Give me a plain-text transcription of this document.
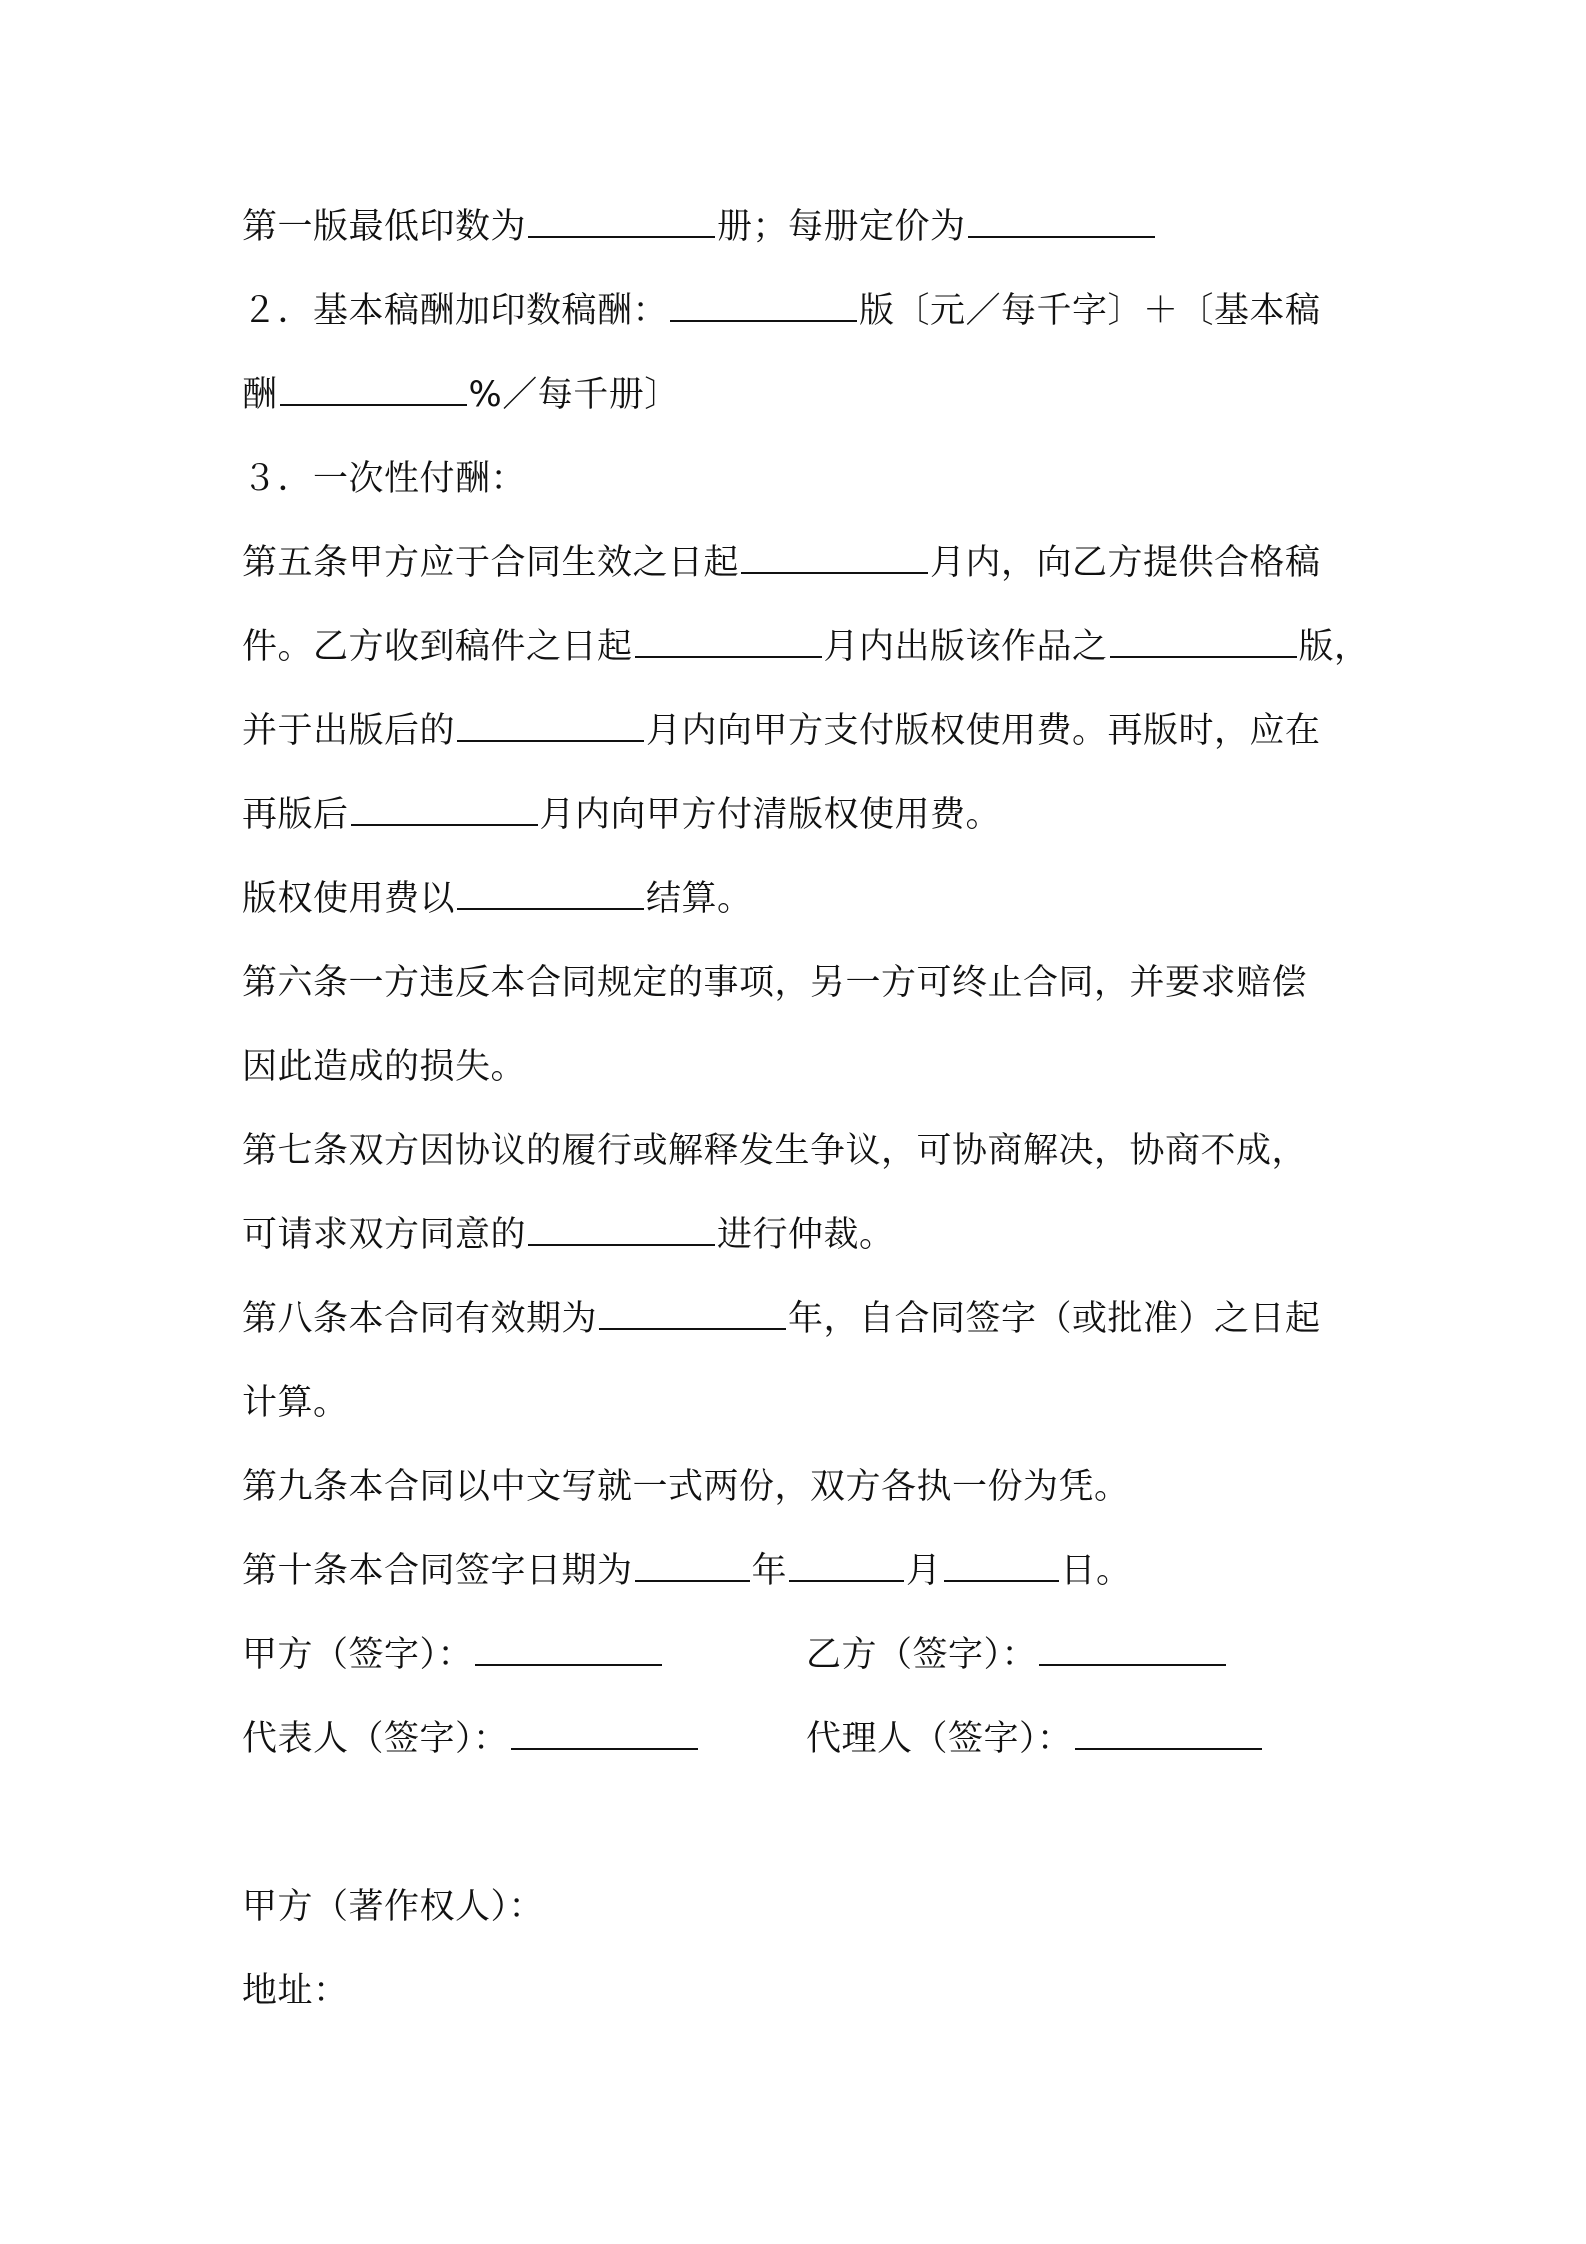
第一版最低印数为	册；每册定价为
２．基本稿酬加印数稿酬：	版〔元／每千字〕＋〔基本稿
酬	%／每千册〕
３．一次性付酬：
第五条甲方应于合同生效之日起	月内，向乙方提供合格稿
件。乙方收到稿件之日起	月内出版该作品之	版，
并于出版后的	月内向甲方支付版权使用费。再版时，应在
再版后	月内向甲方付清版权使用费。
版权使用费以	结算。
第六条一方违反本合同规定的事项，另一方可终止合同，并要求赔偿
因此造成的损失。
第七条双方因协议的履行或解释发生争议，可协商解决，协商不成，
可请求双方同意的	进行仲裁。
第八条本合同有效期为	年，自合同签字（或批准）之日起
计算。
第九条本合同以中文写就一式两份，双方各执一份为凭。
第十条本合同签字日期为	年	月	日。
甲方（签字）：	乙方（签字）：
代表人（签字）：	代理人（签字）：
甲方（著作权人）：
地址：
